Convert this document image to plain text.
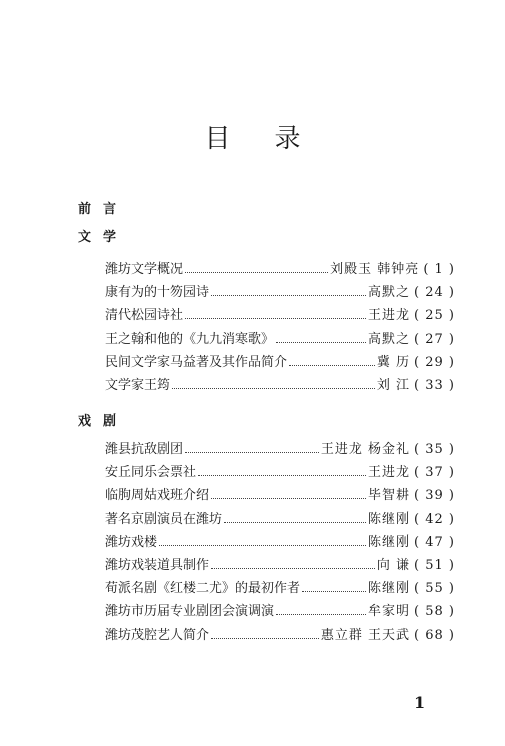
目录
前言
文学
潍坊文学概况	刘殿玉 韩钟亮 ( 1 )
康有为的十笏园诗	高默之 ( 24 )
清代松园诗社	王进龙 ( 25 )
王之翰和他的《九九消寒歌》	高默之 ( 27 )
民间文学家马益著及其作品简介	冀 历 ( 29 )
文学家王筠	刘 江 ( 33 )
戏剧
潍县抗敌剧团	王进龙 杨金礼 ( 35 )
安丘同乐会票社	王进龙 ( 37 )
临朐周姑戏班介绍	毕智耕 ( 39 )
著名京剧演员在潍坊	陈继刚 ( 42 )
潍坊戏楼	陈继刚 ( 47 )
潍坊戏装道具制作	向 谦 ( 51 )
荀派名剧《红楼二尤》的最初作者	陈继刚 ( 55 )
潍坊市历届专业剧团会演调演	牟家明 ( 58 )
潍坊茂腔艺人简介	惠立群 王天武 ( 68 )
1
